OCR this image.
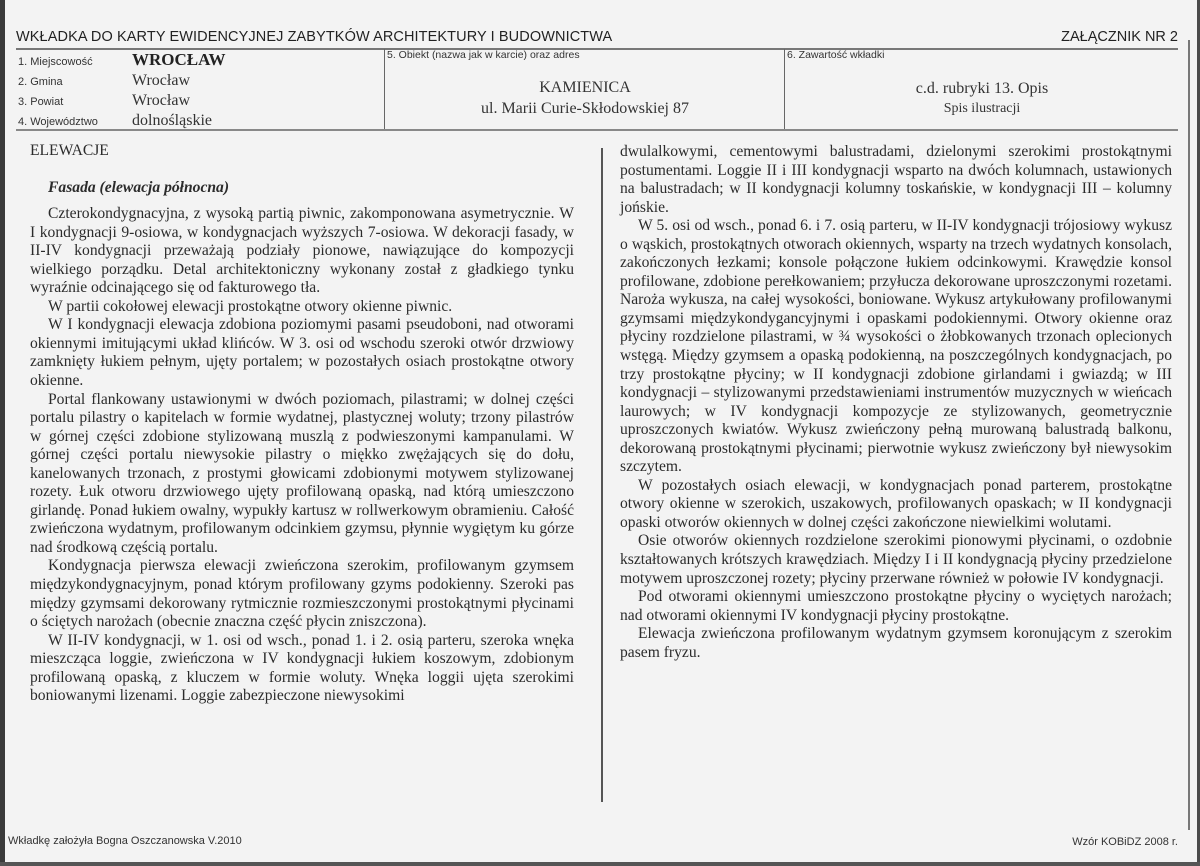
WKŁADKA DO KARTY EWIDENCYJNEJ ZABYTKÓW ARCHITEKTURY I BUDOWNICTWA	ZAŁĄCZNIK NR 2
1. Miejscowość WROCŁAW
2. Gmina	Wrocław
3. Powiat	Wrocław
4. Województwo dolnośląskie
5. Obiekt (nazwa jak w karcie) oraz adres
KAMIENICA
ul. Marii Curie-Skłodowskiej 87
6. Zawartość wkładki
c.d. rubryki 13. Opis
Spis ilustracji
ELEWACJE
Fasada (elewacja północna)

Czterokondygnacyjna, z wysoką partią piwnic, zakomponowana asymetrycznie. W I kondygnacji 9-osiowa, w kondygnacjach wyższych 7-osiowa. W dekoracji fasady, w II-IV kondygnacji przeważają podziały pionowe, nawiązujące do kompozycji wielkiego porządku. Detal architektoniczny wykonany został z gładkiego tynku wyraźnie odcinającego się od fakturowego tła.

W partii cokołowej elewacji prostokątne otwory okienne piwnic.

W I kondygnacji elewacja zdobiona poziomymi pasami pseudoboni, nad otworami okiennymi imitującymi układ klińców. W 3. osi od wschodu szeroki otwór drzwiowy zamknięty łukiem pełnym, ujęty portalem; w pozostałych osiach prostokątne otwory okienne.

Portal flankowany ustawionymi w dwóch poziomach, pilastrami; w dolnej części portalu pilastry o kapitelach w formie wydatnej, plastycznej woluty; trzony pilastrów w górnej części zdobione stylizowaną muszlą z podwieszonymi kampanulami. W górnej części portalu niewysokie pilastry o miękko zwężających się do dołu, kanelowanych trzonach, z prostymi głowicami zdobionymi motywem stylizowanej rozety. Łuk otworu drzwiowego ujęty profilowaną opaską, nad którą umieszczono girlandę. Ponad łukiem owalny, wypukły kartusz w rollwerkowym obramieniu. Całość zwieńczona wydatnym, profilowanym odcinkiem gzymsu, płynnie wygiętym ku górze nad środkową częścią portalu.

Kondygnacja pierwsza elewacji zwieńczona szerokim, profilowanym gzymsem międzykondygnacyjnym, ponad którym profilowany gzyms podokienny. Szeroki pas między gzymsami dekorowany rytmicznie rozmieszczonymi prostokątnymi płycinami o ściętych narożach (obecnie znaczna część płycin zniszczona).

W II-IV kondygnacji, w 1. osi od wsch., ponad 1. i 2. osią parteru, szeroka wnęka mieszcząca loggie, zwieńczona w IV kondygnacji łukiem koszowym, zdobionym profilowaną opaską, z kluczem w formie woluty. Wnęka loggii ujęta szerokimi boniowanymi lizenami. Loggie zabezpieczone niewysokimi

dwulalkowymi, cementowymi balustradami, dzielonymi szerokimi prostokątnymi postumentami. Loggie II i III kondygnacji wsparto na dwóch kolumnach, ustawionych na balustradach; w II kondygnacji kolumny toskańskie, w kondygnacji III – kolumny jońskie.

W 5. osi od wsch., ponad 6. i 7. osią parteru, w II-IV kondygnacji trójosiowy wykusz o wąskich, prostokątnych otworach okiennych, wsparty na trzech wydatnych konsolach, zakończonych łezkami; konsole połączone łukiem odcinkowymi. Krawędzie konsol profilowane, zdobione perełkowaniem; przyłucza dekorowane uproszczonymi rozetami. Naroża wykusza, na całej wysokości, boniowane. Wykusz artykułowany profilowanymi gzymsami międzykondygancyjnymi i opaskami podokiennymi. Otwory okienne oraz płyciny rozdzielone pilastrami, w ¾ wysokości o żłobkowanych trzonach oplecionych wstęgą. Między gzymsem a opaską podokienną, na poszczególnych kondygnacjach, po trzy prostokątne płyciny; w II kondygnacji zdobione girlandami i gwiazdą; w III kondygnacji – stylizowanymi przedstawieniami instrumentów muzycznych w wieńcach laurowych; w IV kondygnacji kompozycje ze stylizowanych, geometrycznie uproszczonych kwiatów. Wykusz zwieńczony pełną murowaną balustradą balkonu, dekorowaną prostokątnymi płycinami; pierwotnie wykusz zwieńczony był niewysokim szczytem.

W pozostałych osiach elewacji, w kondygnacjach ponad parterem, prostokątne otwory okienne w szerokich, uszakowych, profilowanych opaskach; w II kondygnacji opaski otworów okiennych w dolnej części zakończone niewielkimi wolutami.

Osie otworów okiennych rozdzielone szerokimi pionowymi płycinami, o ozdobnie kształtowanych krótszych krawędziach. Między I i II kondygnacją płyciny przedzielone motywem uproszczonej rozety; płyciny przerwane również w połowie IV kondygnacji.

Pod otworami okiennymi umieszczono prostokątne płyciny o wyciętych narożach; nad otworami okiennymi IV kondygnacji płyciny prostokątne.

Elewacja zwieńczona profilowanym wydatnym gzymsem koronującym z szerokim pasem fryzu.

Wkładkę założyła Bogna Oszczanowska V.2010	Wzór KOBiDZ 2008 r.
